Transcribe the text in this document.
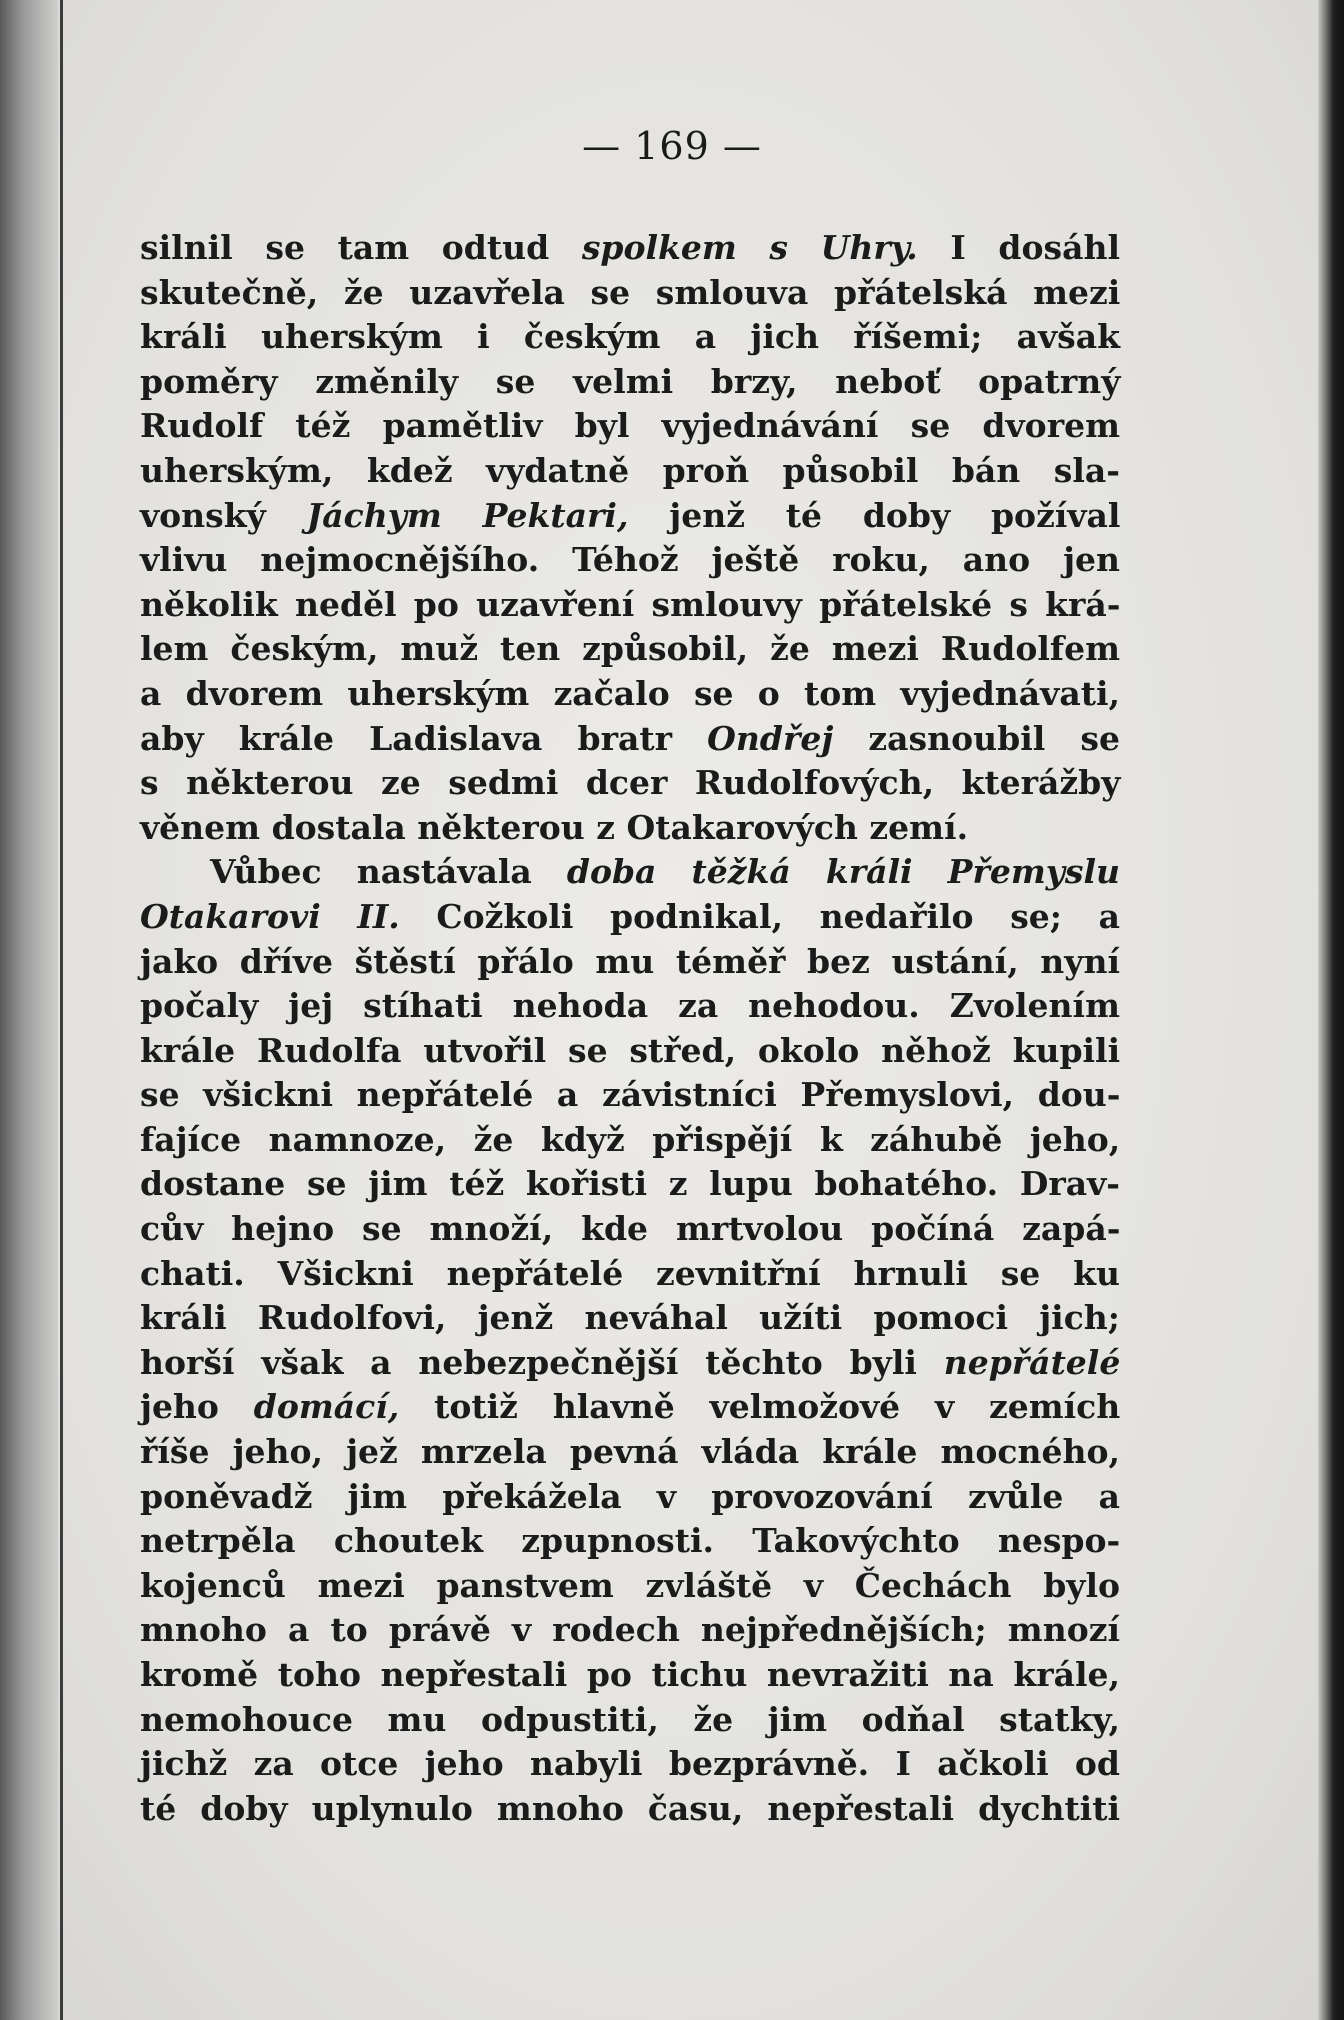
— 169 —
silnil se tam odtud spolkem s Uhry. I dosáhl
skutečně, že uzavřela se smlouva přátelská mezi
králi uherským i českým a jich říšemi; avšak
poměry změnily se velmi brzy, neboť opatrný
Rudolf též pamětliv byl vyjednávání se dvorem
uherským, kdež vydatně proň působil bán sla-
vonský Jáchym Pektari, jenž té doby požíval
vlivu nejmocnějšího. Téhož ještě roku, ano jen
několik neděl po uzavření smlouvy přátelské s krá-
lem českým, muž ten způsobil, že mezi Rudolfem
a dvorem uherským začalo se o tom vyjednávati,
aby krále Ladislava bratr Ondřej zasnoubil se
s některou ze sedmi dcer Rudolfových, kterážby
věnem dostala některou z Otakarových zemí.
Vůbec nastávala doba těžká králi Přemyslu
Otakarovi II. Cožkoli podnikal, nedařilo se; a
jako dříve štěstí přálo mu téměř bez ustání, nyní
počaly jej stíhati nehoda za nehodou. Zvolením
krále Rudolfa utvořil se střed, okolo něhož kupili
se všickni nepřátelé a závistníci Přemyslovi, dou-
fajíce namnoze, že když přispějí k záhubě jeho,
dostane se jim též kořisti z lupu bohatého. Drav-
cův hejno se množí, kde mrtvolou počíná zapá-
chati. Všickni nepřátelé zevnitřní hrnuli se ku
králi Rudolfovi, jenž neváhal užíti pomoci jich;
horší však a nebezpečnější těchto byli nepřátelé
jeho domácí, totiž hlavně velmožové v zemích
říše jeho, jež mrzela pevná vláda krále mocného,
poněvadž jim překážela v provozování zvůle a
netrpěla choutek zpupnosti. Takovýchto nespo-
kojenců mezi panstvem zvláště v Čechách bylo
mnoho a to právě v rodech nejpřednějších; mnozí
kromě toho nepřestali po tichu nevražiti na krále,
nemohouce mu odpustiti, že jim odňal statky,
jichž za otce jeho nabyli bezprávně. I ačkoli od
té doby uplynulo mnoho času, nepřestali dychtiti
